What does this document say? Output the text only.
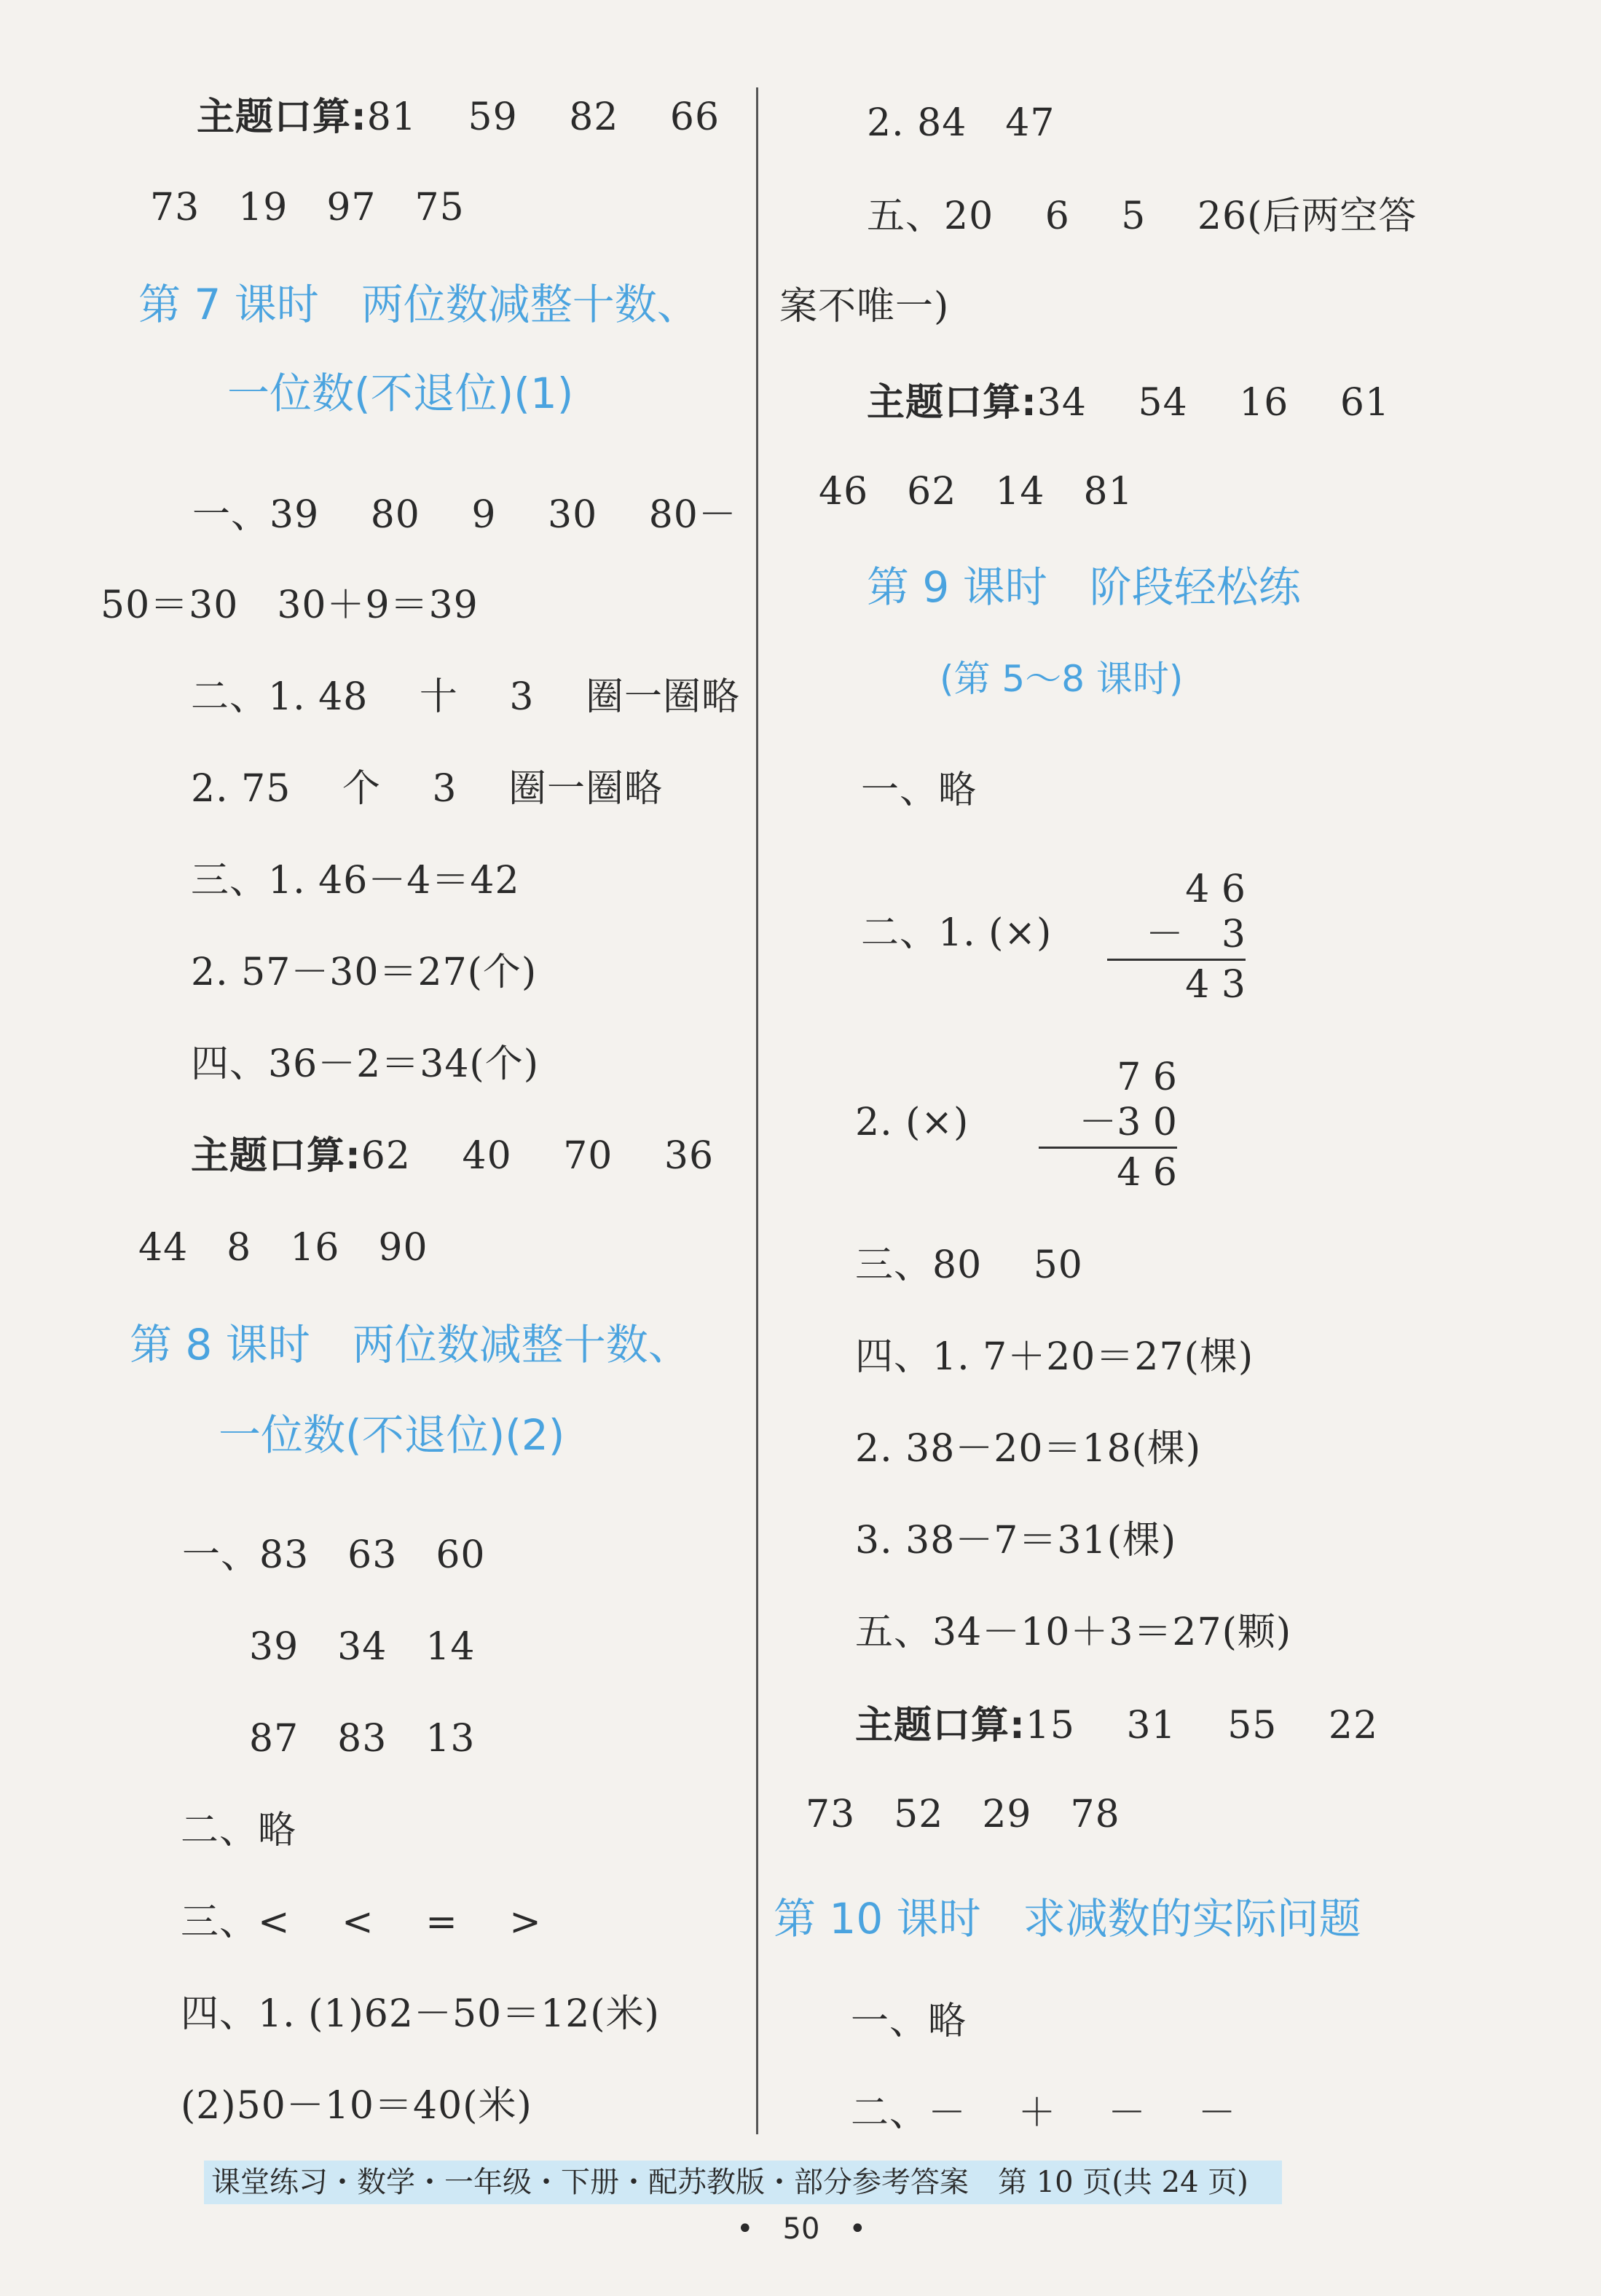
主题口算:81　 59　 82　 66
73　19　97　75
第 7 课时　两位数减整十数、
一位数(不退位)(1)
一、39　 80　 9　 30　 80－
50＝30　30＋9＝39
二、1. 48　 十　 3　 圈一圈略
2. 75　 个　 3　 圈一圈略
三、1. 46－4＝42
2. 57－30＝27(个)
四、36－2＝34(个)
主题口算:62　 40　 70　 36
44　8　16　90
第 8 课时　两位数减整十数、
一位数(不退位)(2)
一、83　63　60
39　34　14
87　83　13
二、略
三、<　 <　 =　 >
四、1. (1)62－50＝12(米)
(2)50－10＝40(米)
2. 84　47
五、20　 6　 5　 26(后两空答
案不唯一)
主题口算:34　 54　 16　 61
46　62　14　81
第 9 课时　阶段轻松练
(第 5～8 课时)
一、略
二、1. (×)
4 6
－　3
4 3
2. (×)
7 6
－3 0
4 6
三、80　 50
四、1. 7＋20＝27(棵)
2. 38－20＝18(棵)
3. 38－7＝31(棵)
五、34－10＋3＝27(颗)
主题口算:15　 31　 55　 22
73　52　29　78
第 10 课时　求减数的实际问题
一、略
二、－　 ＋　 －　 －
课堂练习・数学・一年级・下册・配苏教版・部分参考答案　第 10 页(共 24 页)
•　50　•
